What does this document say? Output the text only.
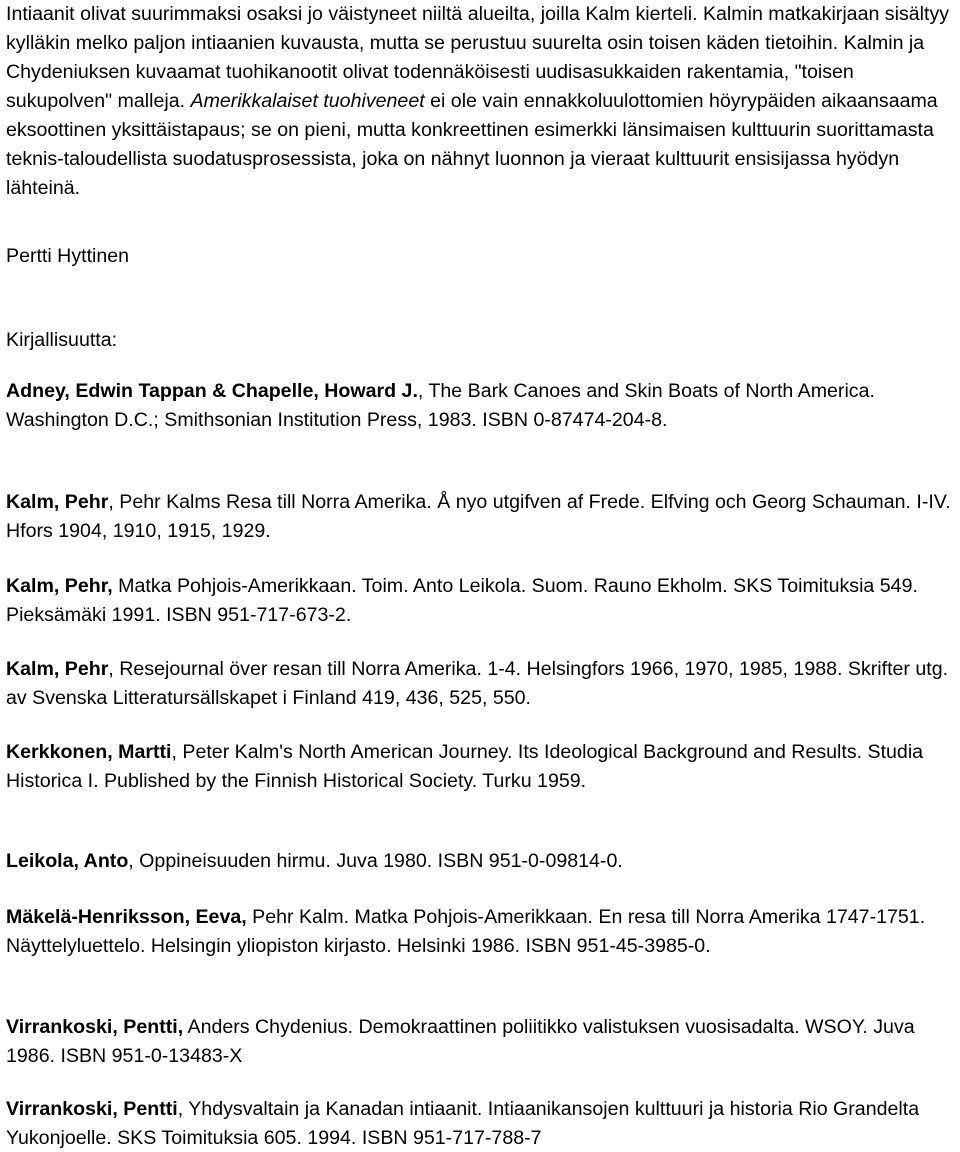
Intiaanit olivat suurimmaksi osaksi jo väistyneet niiltä alueilta, joilla Kalm kierteli. Kalmin matkakirjaan sisältyy kylläkin melko paljon intiaanien kuvausta, mutta se perustuu suurelta osin toisen käden tietoihin. Kalmin ja Chydeniuksen kuvaamat tuohikanootit olivat todennäköisesti uudisasukkaiden rakentamia, "toisen sukupolven" malleja. Amerikkalaiset tuohiveneet ei ole vain ennakkoluulottomien höyrypäiden aikaansaama eksoottinen yksittäistapaus; se on pieni, mutta konkreettinen esimerkki länsimaisen kulttuurin suorittamasta teknis-taloudellista suodatusprosessista, joka on nähnyt luonnon ja vieraat kulttuurit ensisijassa hyödyn lähteinä.

Pertti Hyttinen

Kirjallisuutta:

Adney, Edwin Tappan & Chapelle, Howard J., The Bark Canoes and Skin Boats of North America. Washington D.C.; Smithsonian Institution Press, 1983. ISBN 0-87474-204-8.

Kalm, Pehr, Pehr Kalms Resa till Norra Amerika. Å nyo utgifven af Frede. Elfving och Georg Schauman. I-IV. Hfors 1904, 1910, 1915, 1929.

Kalm, Pehr, Matka Pohjois-Amerikkaan. Toim. Anto Leikola. Suom. Rauno Ekholm. SKS Toimituksia 549. Pieksämäki 1991. ISBN 951-717-673-2.

Kalm, Pehr, Resejournal över resan till Norra Amerika. 1-4. Helsingfors 1966, 1970, 1985, 1988. Skrifter utg. av Svenska Litteratursällskapet i Finland 419, 436, 525, 550.

Kerkkonen, Martti, Peter Kalm's North American Journey. Its Ideological Background and Results. Studia Historica I. Published by the Finnish Historical Society. Turku 1959.

Leikola, Anto, Oppineisuuden hirmu. Juva 1980. ISBN 951-0-09814-0.

Mäkelä-Henriksson, Eeva, Pehr Kalm. Matka Pohjois-Amerikkaan. En resa till Norra Amerika 1747-1751. Näyttelyluettelo. Helsingin yliopiston kirjasto. Helsinki 1986. ISBN 951-45-3985-0.

Virrankoski, Pentti, Anders Chydenius. Demokraattinen poliitikko valistuksen vuosisadalta. WSOY. Juva 1986. ISBN 951-0-13483-X

Virrankoski, Pentti, Yhdysvaltain ja Kanadan intiaanit. Intiaanikansojen kulttuuri ja historia Rio Grandelta Yukonjoelle. SKS Toimituksia 605. 1994. ISBN 951-717-788-7
